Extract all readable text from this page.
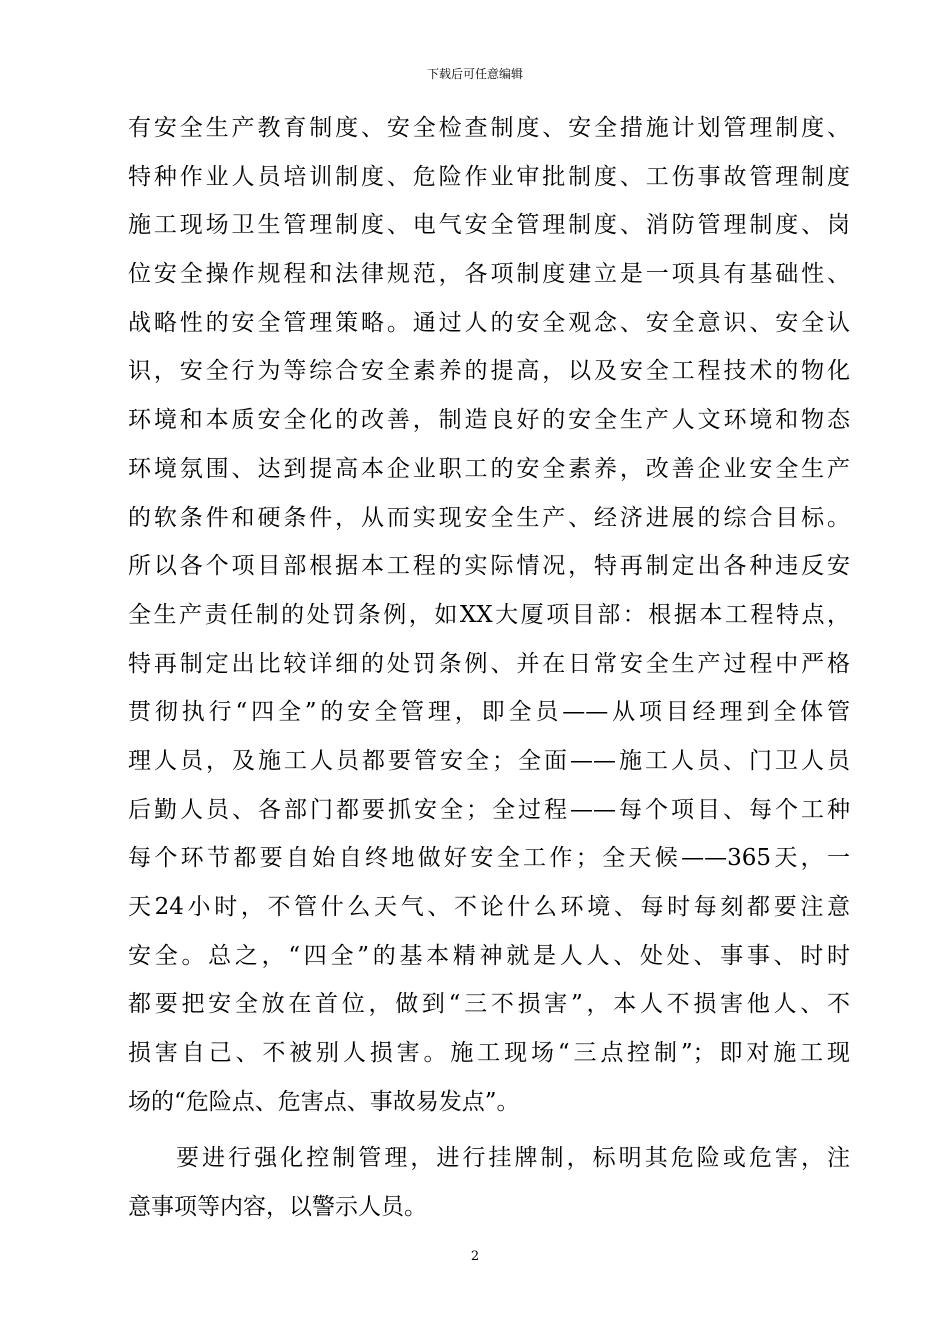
下载后可任意编辑
有安全生产教育制度、安全检查制度、安全措施计划管理制度、
特种作业人员培训制度、危险作业审批制度、工伤事故管理制度
施工现场卫生管理制度、电气安全管理制度、消防管理制度、岗
位安全操作规程和法律规范，各项制度建立是一项具有基础性、
战略性的安全管理策略。通过人的安全观念、安全意识、安全认
识，安全行为等综合安全素养的提高，以及安全工程技术的物化
环境和本质安全化的改善，制造良好的安全生产人文环境和物态
环境氛围、达到提高本企业职工的安全素养，改善企业安全生产
的软条件和硬条件，从而实现安全生产、经济进展的综合目标。
所以各个项目部根据本工程的实际情况，特再制定出各种违反安
全生产责任制的处罚条例，如XX大厦项目部：根据本工程特点，
特再制定出比较详细的处罚条例、并在日常安全生产过程中严格
贯彻执行“四全”的安全管理，即全员——从项目经理到全体管
理人员，及施工人员都要管安全；全面——施工人员、门卫人员
后勤人员、各部门都要抓安全；全过程——每个项目、每个工种
每个环节都要自始自终地做好安全工作；全天候——365天，一
天24小时，不管什么天气、不论什么环境、每时每刻都要注意
安全。总之，“四全”的基本精神就是人人、处处、事事、时时
都要把安全放在首位，做到“三不损害”，本人不损害他人、不
损害自己、不被别人损害。施工现场“三点控制”；即对施工现
场的“危险点、危害点、事故易发点”。
要进行强化控制管理，进行挂牌制，标明其危险或危害，注
意事项等内容，以警示人员。
2
